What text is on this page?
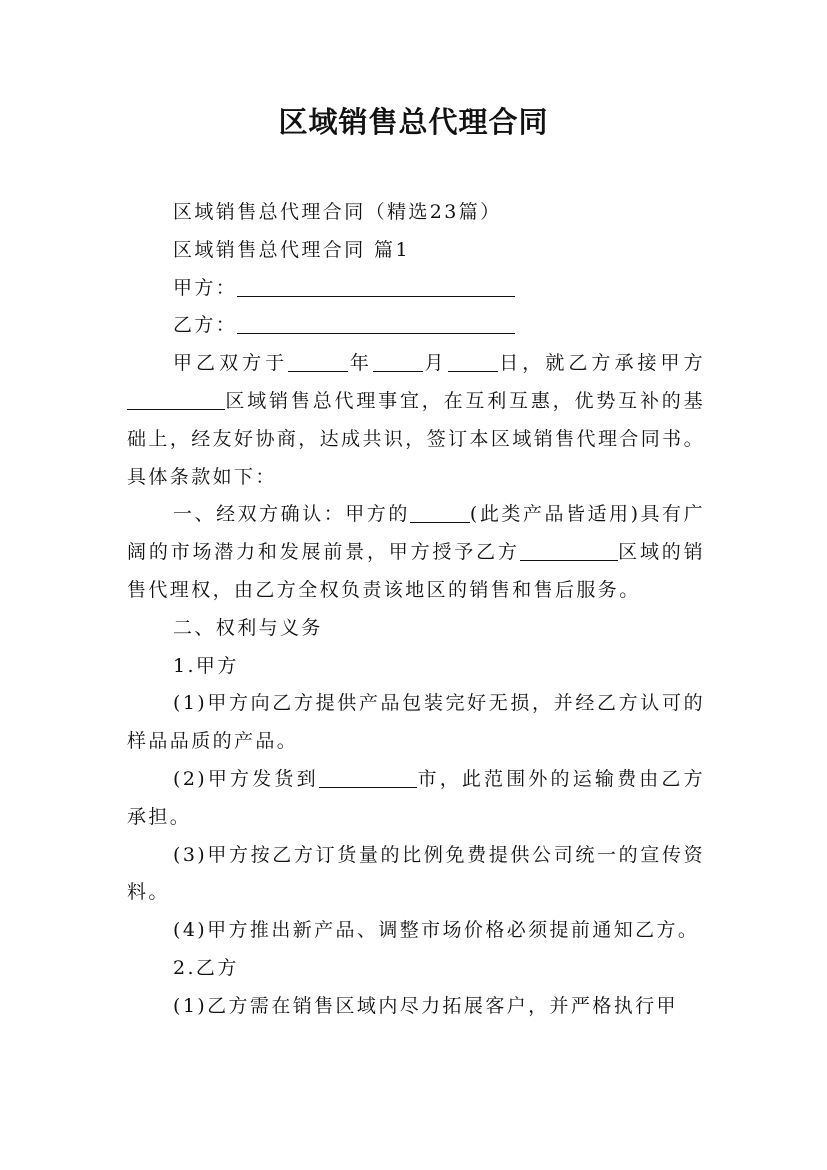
区域销售总代理合同

区域销售总代理合同（精选23篇）

区域销售总代理合同 篇1

甲方：

乙方：

甲乙双方于	年	月	日，就乙方承接甲方区域销售总代理事宜，在互利互惠，优势互补的基础上，经友好协商，达成共识，签订本区域销售代理合同书。具体条款如下：

一、经双方确认：甲方的	(此类产品皆适用)具有广阔的市场潜力和发展前景，甲方授予乙方	区域的销售代理权，由乙方全权负责该地区的销售和售后服务。

二、权利与义务

1.甲方

(1)甲方向乙方提供产品包装完好无损，并经乙方认可的样品品质的产品。

(2)甲方发货到	市，此范围外的运输费由乙方承担。

(3)甲方按乙方订货量的比例免费提供公司统一的宣传资料。

(4)甲方推出新产品、调整市场价格必须提前通知乙方。

2.乙方

(1)乙方需在销售区域内尽力拓展客户，并严格执行甲
